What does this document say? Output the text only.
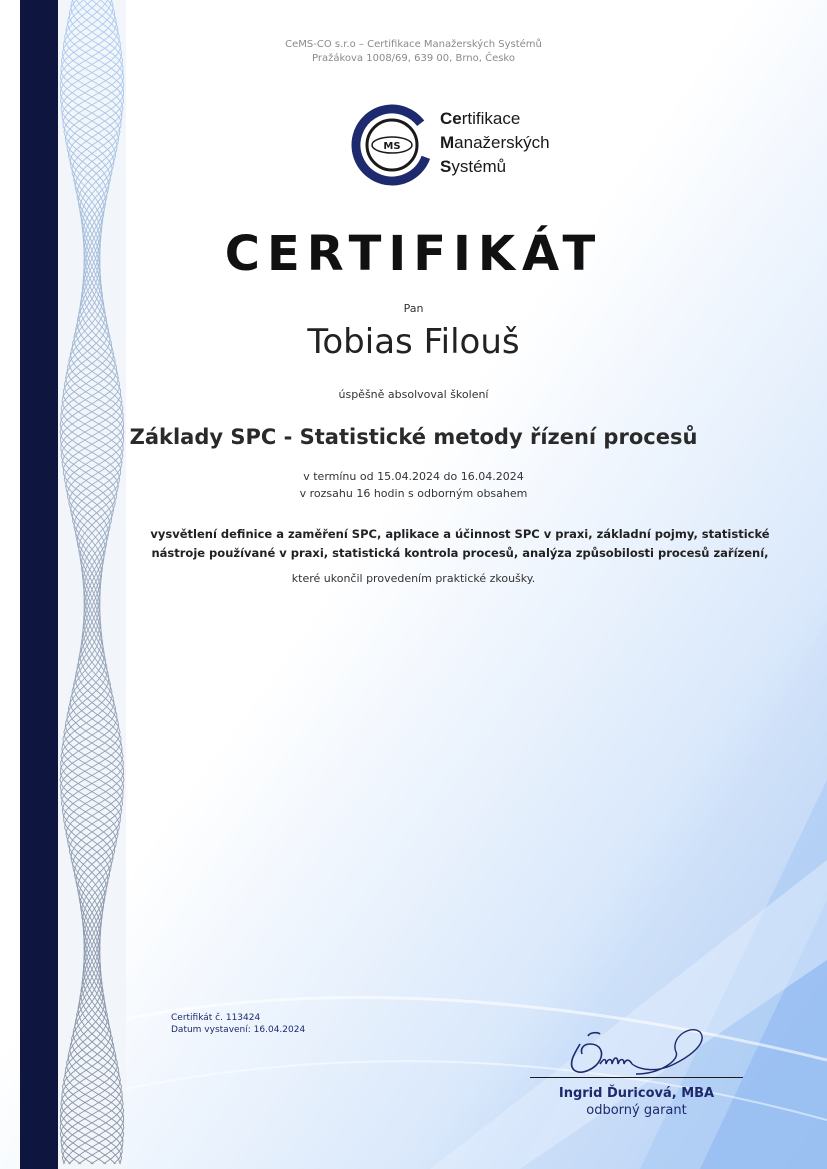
CeMS-CO s.r.o – Certifikace Manažerských Systémů
Pražákova 1008/69, 639 00, Brno, Česko
MS
Certifikace
Manažerských
Systémů
CERTIFIKÁT
Pan
Tobias Filouš
úspěšně absolvoval školení
Základy SPC - Statistické metody řízení procesů
v termínu od 15.04.2024 do 16.04.2024
v rozsahu 16 hodin s odborným obsahem
vysvětlení definice a zaměření SPC, aplikace a účinnost SPC v praxi, základní pojmy, statistické
nástroje používané v praxi, statistická kontrola procesů, analýza způsobilosti procesů zařízení,
které ukončil provedením praktické zkoušky.
Certifikát č. 113424
Datum vystavení: 16.04.2024
Ingrid Ďuricová, MBA
odborný garant
